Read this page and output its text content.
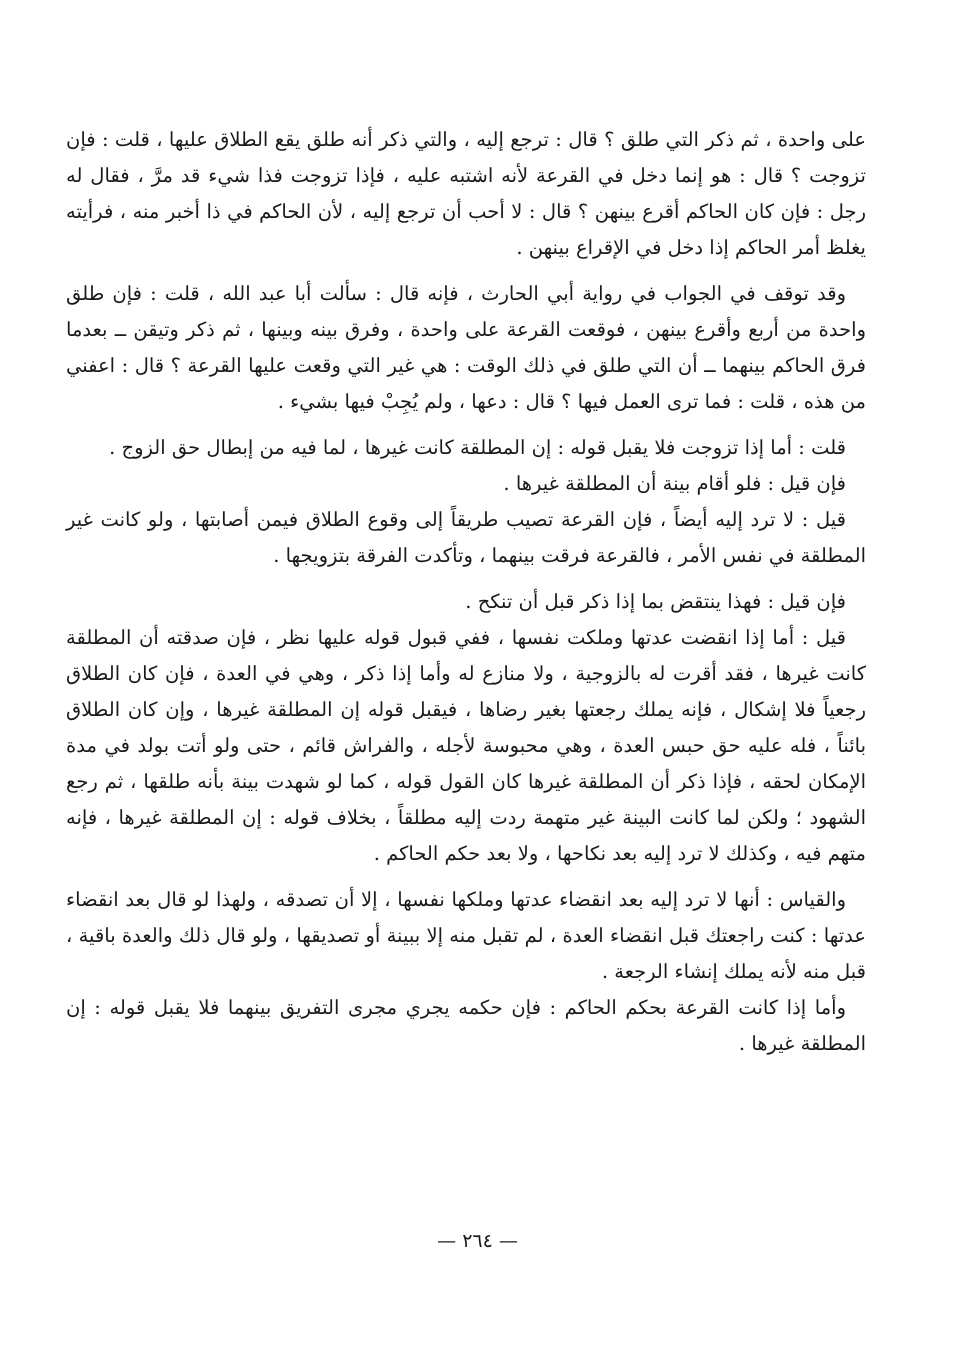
على واحدة ، ثم ذكر التي طلق ؟ قال : ترجع إليه ، والتي ذكر أنه طلق يقع الطلاق عليها ، قلت : فإن تزوجت ؟ قال : هو إنما دخل في القرعة لأنه اشتبه عليه ، فإذا تزوجت فذا شيء قد مرَّ ، فقال له رجل : فإن كان الحاكم أقرع بينهن ؟ قال : لا أحب أن ترجع إليه ، لأن الحاكم في ذا أخبر منه ، فرأيته يغلظ أمر الحاكم إذا دخل في الإقراع بينهن .

وقد توقف في الجواب في رواية أبي الحارث ، فإنه قال : سألت أبا عبد الله ، قلت : فإن طلق واحدة من أربع وأقرع بينهن ، فوقعت القرعة على واحدة ، وفرق بينه وبينها ، ثم ذكر وتيقن ــ بعدما فرق الحاكم بينهما ــ أن التي طلق في ذلك الوقت : هي غير التي وقعت عليها القرعة ؟ قال : اعفني من هذه ، قلت : فما ترى العمل فيها ؟ قال : دعها ، ولم يُجِبْ فيها بشيء .

قلت : أما إذا تزوجت فلا يقبل قوله : إن المطلقة كانت غيرها ، لما فيه من إبطال حق الزوج .

فإن قيل : فلو أقام بينة أن المطلقة غيرها .

قيل : لا ترد إليه أيضاً ، فإن القرعة تصيب طريقاً إلى وقوع الطلاق فيمن أصابتها ، ولو كانت غير المطلقة في نفس الأمر ، فالقرعة فرقت بينهما ، وتأكدت الفرقة بتزويجها .

فإن قيل : فهذا ينتقض بما إذا ذكر قبل أن تنكح .

قيل : أما إذا انقضت عدتها وملكت نفسها ، ففي قبول قوله عليها نظر ، فإن صدقته أن المطلقة كانت غيرها ، فقد أقرت له بالزوجية ، ولا منازع له وأما إذا ذكر ، وهي في العدة ، فإن كان الطلاق رجعياً فلا إشكال ، فإنه يملك رجعتها بغير رضاها ، فيقبل قوله إن المطلقة غيرها ، وإن كان الطلاق بائناً ، فله عليه حق حبس العدة ، وهي محبوسة لأجله ، والفراش قائم ، حتى ولو أتت بولد في مدة الإمكان لحقه ، فإذا ذكر أن المطلقة غيرها كان القول قوله ، كما لو شهدت بينة بأنه طلقها ، ثم رجع الشهود ؛ ولكن لما كانت البينة غير متهمة ردت إليه مطلقاً ، بخلاف قوله : إن المطلقة غيرها ، فإنه متهم فيه ، وكذلك لا ترد إليه بعد نكاحها ، ولا بعد حكم الحاكم .

والقياس : أنها لا ترد إليه بعد انقضاء عدتها وملكها نفسها ، إلا أن تصدقه ، ولهذا لو قال بعد انقضاء عدتها : كنت راجعتك قبل انقضاء العدة ، لم تقبل منه إلا ببينة أو تصديقها ، ولو قال ذلك والعدة باقية ، قبل منه لأنه يملك إنشاء الرجعة .

وأما إذا كانت القرعة بحكم الحاكم : فإن حكمه يجري مجرى التفريق بينهما فلا يقبل قوله : إن المطلقة غيرها .

— ٢٦٤ —
